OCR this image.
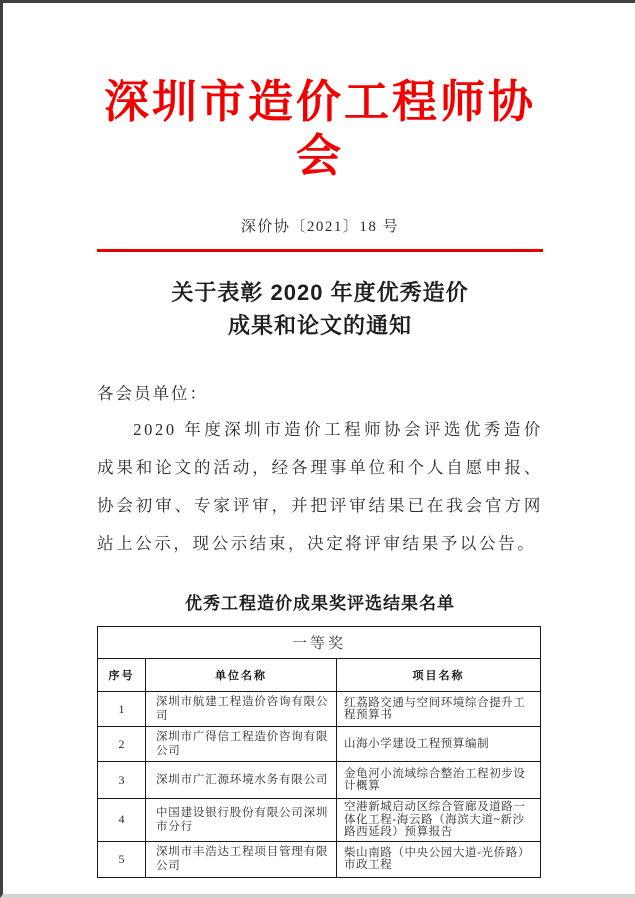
深圳市造价工程师协会
深价协〔2021〕18 号
关于表彰 2020 年度优秀造价
成果和论文的通知
各会员单位：
2020 年度深圳市造价工程师协会评选优秀造价成果和论文的活动，经各理事单位和个人自愿申报、协会初审、专家评审，并把评审结果已在我会官方网站上公示，现公示结束，决定将评审结果予以公告。
优秀工程造价成果奖评选结果名单
一等奖		
序号	单位名称	项目名称
1	深圳市航建工程造价咨询有限公司	红荔路交通与空间环境综合提升工程预算书
2	深圳市广得信工程造价咨询有限公司	山海小学建设工程预算编制
3	深圳市广汇源环境水务有限公司	金龟河小流域综合整治工程初步设计概算
4	中国建设银行股份有限公司深圳市分行	空港新城启动区综合管廊及道路一体化工程-海云路（海滨大道~新沙路西延段）预算报告
5	深圳市丰浩达工程项目管理有限公司	柴山南路（中央公园大道-光侨路）市政工程
